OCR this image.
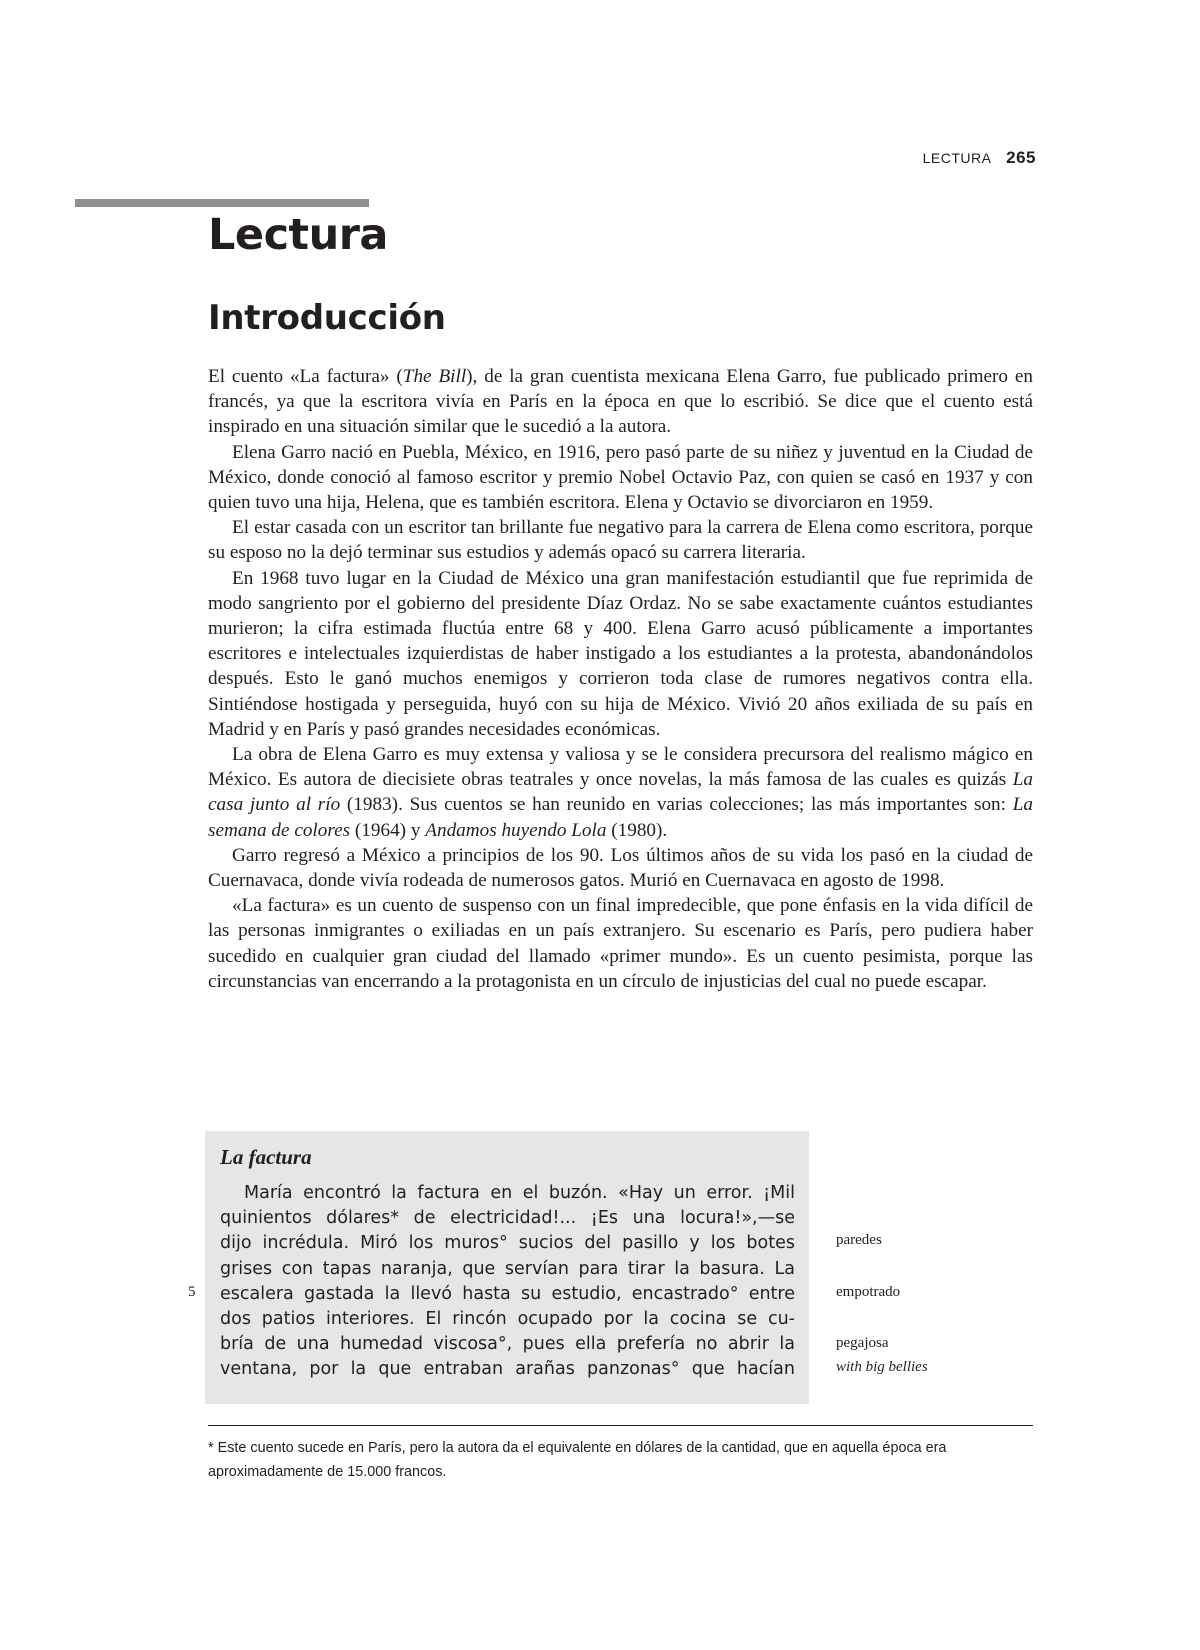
LECTURA 265
Lectura
Introducción

El cuento «La factura» (The Bill), de la gran cuentista mexicana Elena Garro, fue publicado primero en francés, ya que la escritora vivía en París en la época en que lo escribió. Se dice que el cuento está inspirado en una situación similar que le sucedió a la autora.

Elena Garro nació en Puebla, México, en 1916, pero pasó parte de su niñez y juventud en la Ciudad de México, donde conoció al famoso escritor y premio Nobel Octavio Paz, con quien se casó en 1937 y con quien tuvo una hija, Helena, que es también escritora. Elena y Octavio se divorciaron en 1959.

El estar casada con un escritor tan brillante fue negativo para la carrera de Elena como escritora, porque su esposo no la dejó terminar sus estudios y además opacó su carrera literaria.

En 1968 tuvo lugar en la Ciudad de México una gran manifestación estudiantil que fue reprimida de modo sangriento por el gobierno del presidente Díaz Ordaz. No se sabe exactamente cuántos estudiantes murieron; la cifra estimada fluctúa entre 68 y 400. Elena Garro acusó públicamente a importantes escritores e intelectuales izquierdistas de haber instigado a los estudiantes a la protesta, abandonándolos después. Esto le ganó muchos enemigos y corrieron toda clase de rumores negativos contra ella. Sintiéndose hostigada y perseguida, huyó con su hija de México. Vivió 20 años exiliada de su país en Madrid y en París y pasó grandes necesidades económicas.

La obra de Elena Garro es muy extensa y valiosa y se le considera precursora del realismo mágico en México. Es autora de diecisiete obras teatrales y once novelas, la más famosa de las cuales es quizás La casa junto al río (1983). Sus cuentos se han reunido en varias colecciones; las más importantes son: La semana de colores (1964) y Andamos huyendo Lola (1980).

Garro regresó a México a principios de los 90. Los últimos años de su vida los pasó en la ciudad de Cuernavaca, donde vivía rodeada de numerosos gatos. Murió en Cuernavaca en agosto de 1998.

«La factura» es un cuento de suspenso con un final impredecible, que pone énfasis en la vida difícil de las personas inmigrantes o exiliadas en un país extranjero. Su escenario es París, pero pudiera haber sucedido en cualquier gran ciudad del llamado «primer mundo». Es un cuento pesimista, porque las circunstancias van encerrando a la protagonista en un círculo de injusticias del cual no puede escapar.

La factura
María encontró la factura en el buzón. «Hay un error. ¡Mil
quinientos dólares* de electricidad!... ¡Es una locura!»,—se
dijo incrédula. Miró los muros° sucios del pasillo y los botes
grises con tapas naranja, que servían para tirar la basura. La
escalera gastada la llevó hasta su estudio, encastrado° entre
dos patios interiores. El rincón ocupado por la cocina se cu-
bría de una humedad viscosa°, pues ella prefería no abrir la
ventana, por la que entraban arañas panzonas° que hacían
5
paredes
empotrado
pegajosa
with big bellies
* Este cuento sucede en París, pero la autora da el equivalente en dólares de la cantidad, que en aquella época era aproximadamente de 15.000 francos.
